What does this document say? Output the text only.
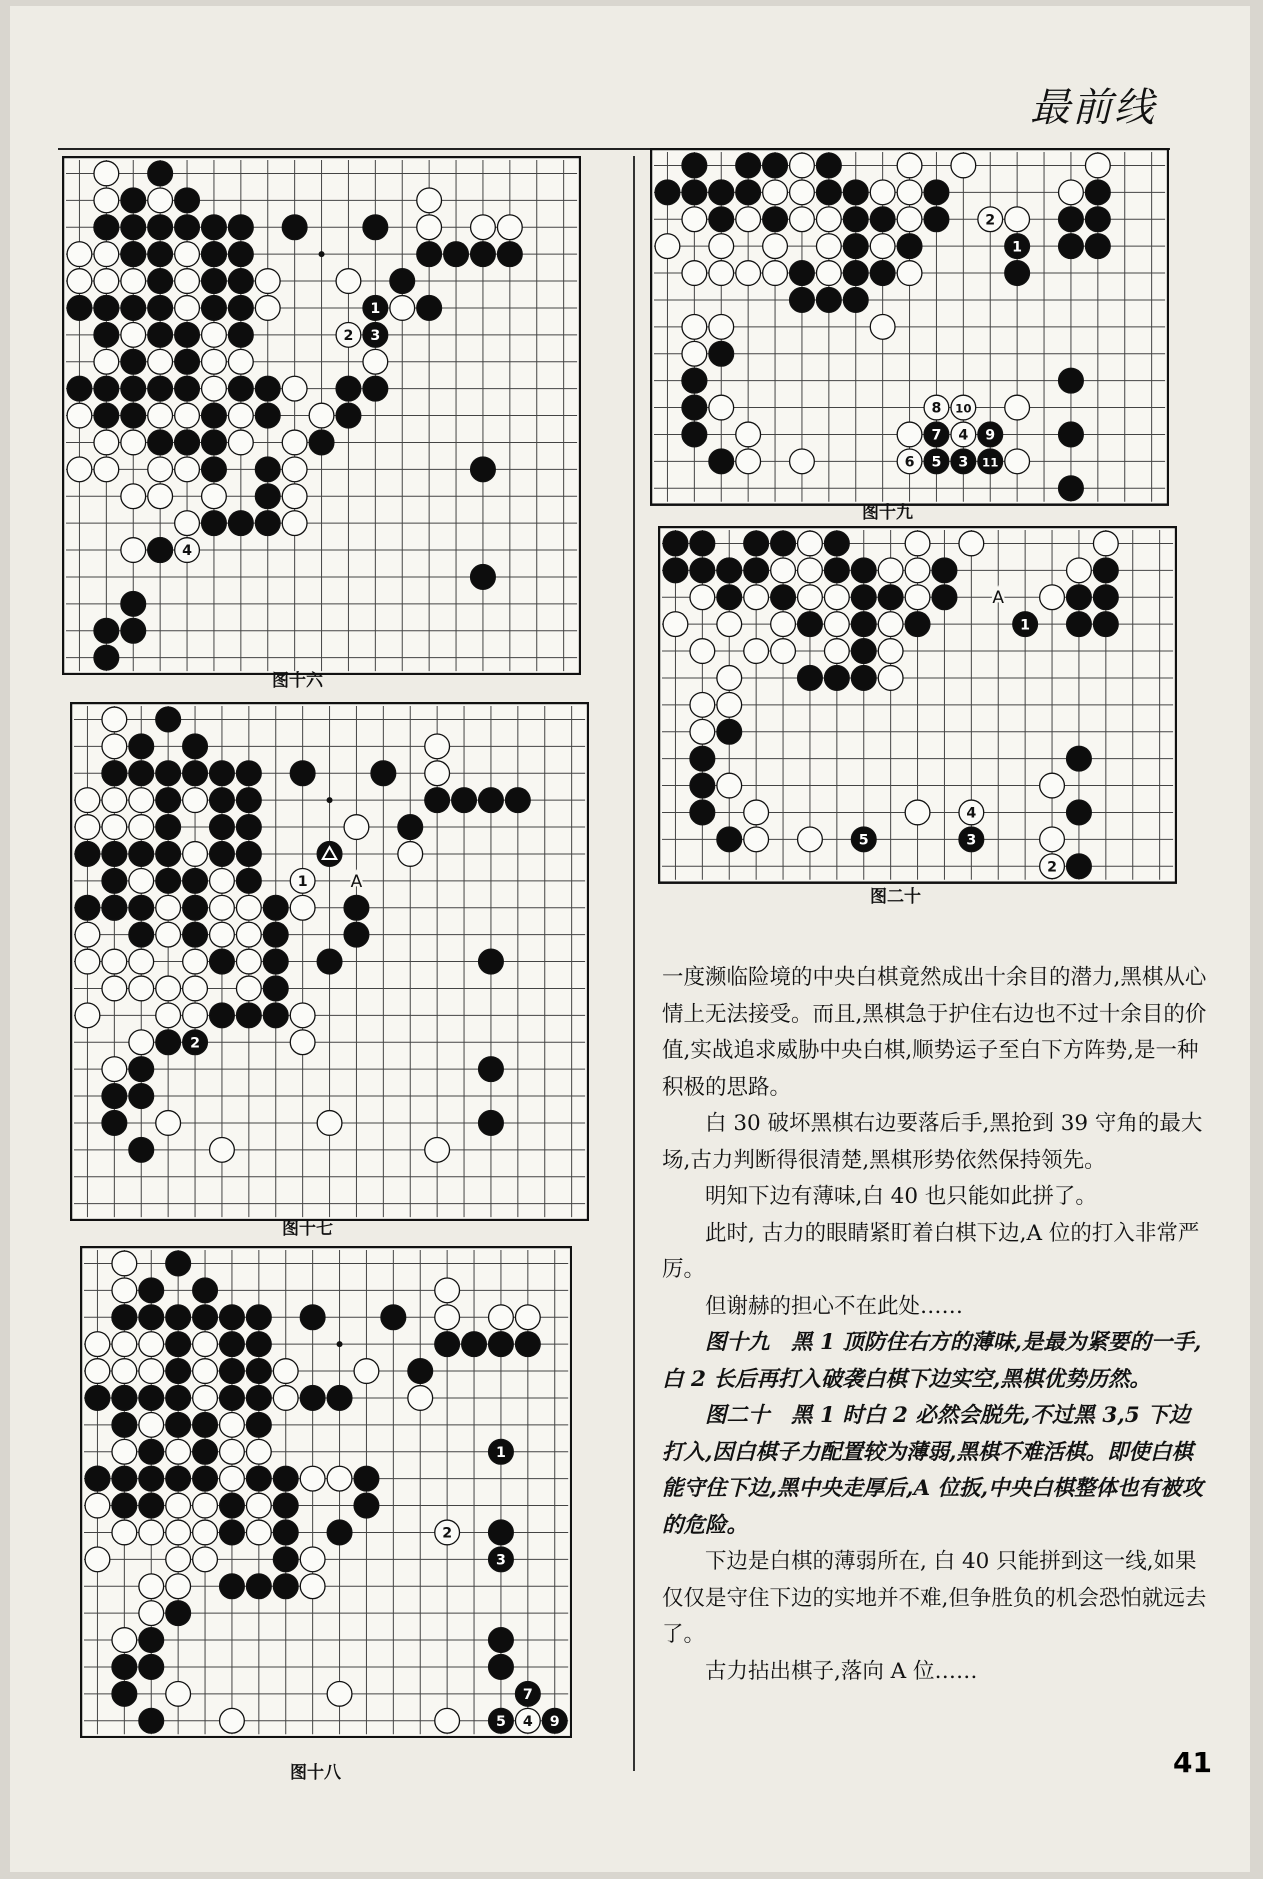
最前线
1
2 3
4
图十六
1
2
A
图十七
1
2
3
4
5
7
9
图十八
1
2
3
4
5
6
7
8
9
10
11
图十九
1
2
3
4
5
A
图二十

一度濒临险境的中央白棋竟然成出十余目的潜力,黑棋从心情上无法接受。而且,黑棋急于护住右边也不过十余目的价值,实战追求威胁中央白棋,顺势运子至白下方阵势,是一种积极的思路。

白 30 破坏黑棋右边要落后手,黑抢到 39 守角的最大场,古力判断得很清楚,黑棋形势依然保持领先。

明知下边有薄味,白 40 也只能如此拼了。

此时, 古力的眼睛紧盯着白棋下边,A 位的打入非常严厉。

但谢赫的担心不在此处……

图十九　黑 1 顶防住右方的薄味,是最为紧要的一手, 白 2 长后再打入破袭白棋下边实空,黑棋优势历然。

图二十　黑 1 时白 2 必然会脱先,不过黑 3,5 下边打入,因白棋子力配置较为薄弱,黑棋不难活棋。即使白棋能守住下边,黑中央走厚后,A 位扳,中央白棋整体也有被攻的危险。

下边是白棋的薄弱所在, 白 40 只能拼到这一线,如果仅仅是守住下边的实地并不难,但争胜负的机会恐怕就远去了。

古力拈出棋子,落向 A 位……

41
